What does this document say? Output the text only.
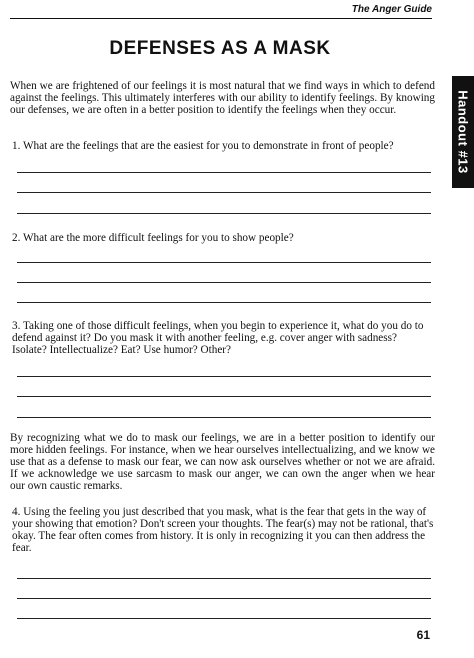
The Anger Guide
DEFENSES AS A MASK
Handout #13
When we are frightened of our feelings it is most natural that we find ways in which to defend against the feelings. This ultimately interferes with our ability to identify feelings. By knowing our defenses, we are often in a better position to identify the feelings when they occur.
1. What are the feelings that are the easiest for you to demonstrate in front of people?
2. What are the more difficult feelings for you to show people?
3. Taking one of those difficult feelings, when you begin to experience it, what do you do to defend against it? Do you mask it with another feeling, e.g. cover anger with sadness? Isolate? Intellectualize? Eat? Use humor? Other?
By recognizing what we do to mask our feelings, we are in a better position to identify our more hidden feelings. For instance, when we hear ourselves intellectualizing, and we know we use that as a defense to mask our fear, we can now ask ourselves whether or not we are afraid. If we acknowledge we use sarcasm to mask our anger, we can own the anger when we hear our own caustic remarks.
4. Using the feeling you just described that you mask, what is the fear that gets in the way of your showing that emotion? Don't screen your thoughts. The fear(s) may not be rational, that's okay. The fear often comes from history. It is only in recognizing it you can then address the fear.
61
